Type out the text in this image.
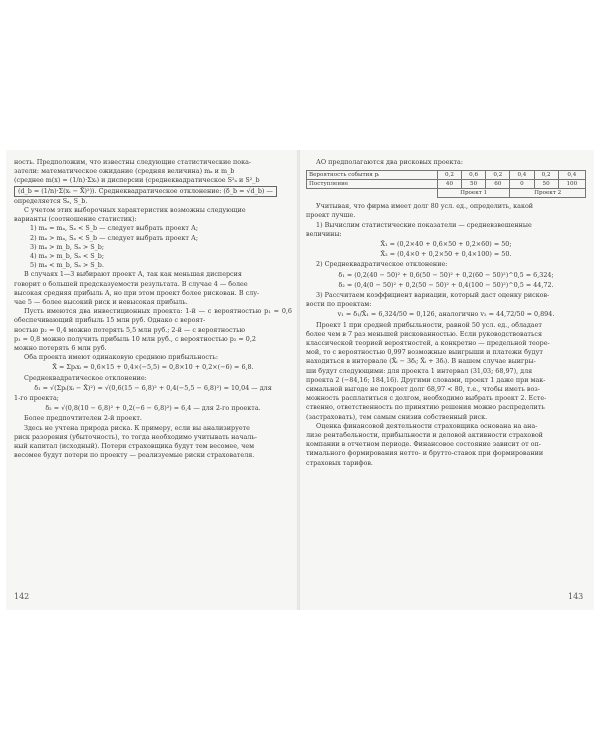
ность. Предположим, что известны следующие статистические пока-

затели: математическое ожидание (средняя величина) mₐ и m_b

(среднее m(x) = (1/n)·Σxᵢ) и дисперсии (среднеквадратическое S²ₐ и S²_b

(d_b = (1/n)·Σ(xᵢ − X̄)²)). Среднеквадратическое отклонение: (δ_b = √d_b) —

определяется Sₐ, S_b.

С учетом этих выборочных характеристик возможны следующие

варианты (соотношение статистик):

1) mₐ = mₐ, Sₐ < S_b — следует выбрать проект А;

2) mₐ > mₐ, Sₐ < S_b — следует выбрать проект А;

3) mₐ > m_b, Sₐ > S_b;

4) mₐ > m_b, Sₐ < S_b;

5) mₐ < m_b, Sₐ > S_b.

В случаях 1—3 выбирают проект А, так как меньшая дисперсия

говорит о большей предсказуемости результата. В случае 4 — более

высокая средняя прибыль А, но при этом проект более рискован. В слу-

чае 5 — более высокий риск и невысокая прибыль.

Пусть имеются два инвестиционных проекта: 1-й — с вероятностью p₁ = 0,6 обеспечивающий прибыль 15 млн руб. Однако с вероят-

ностью p₂ = 0,4 можно потерять 5,5 млн руб.; 2-й — с вероятностью

p₁ = 0,8 можно получить прибыль 10 млн руб., с вероятностью p₂ = 0,2

можно потерять 6 млн руб.

Оба проекта имеют одинаковую среднюю прибыльность:

X̄ = Σpᵢxᵢ = 0,6×15 + 0,4×(−5,5) = 0,8×10 + 0,2×(−6) = 6,8.

Среднеквадратическое отклонение:

δ₁ = √(Σpᵢ(xᵢ − X̄)²) = √(0,6(15 − 6,8)² + 0,4(−5,5 − 6,8)²) = 10,04 — для

1-го проекта;

δ₂ = √(0,8(10 − 6,8)² + 0,2(−6 − 6,8)²) = 6,4 — для 2-го проекта.

Более предпочтителен 2-й проект.

Здесь не учтена природа риска. К примеру, если вы анализируете

риск разорения (убыточность), то тогда необходимо учитывать началь-

ный капитал (исходный). Потери страховщика будут тем весомее, чем

весомее будут потери по проекту — реализуемые риски страхователя.

АО предполагаются два рисковых проекта:

Вероятность события pᵢ	0,2	0,6	0,2	0,4	0,2	0,4
Поступление	40	50	60	0	50	100
	Проект 1			Проект 2		

Учитывая, что фирма имеет долг 80 усл. ед., определить, какой

проект лучше.

1) Вычислим статистические показатели — средневзвешенные

величины:

X̄₁ = (0,2×40 + 0,6×50 + 0,2×60) = 50;

X̄₂ = (0,4×0 + 0,2×50 + 0,4×100) = 50.

2) Среднеквадратическое отклонение:

δ₁ = (0,2(40 − 50)² + 0,6(50 − 50)² + 0,2(60 − 50)²)^0,5 = 6,324;

δ₂ = (0,4(0 − 50)² + 0,2(50 − 50)² + 0,4(100 − 50)²)^0,5 = 44,72.

3) Рассчитаем коэффициент вариации, который даст оценку рисков-

вости по проектам:

v₁ = δ₁/X̄₁ = 6,324/50 = 0,126, аналогично v₂ = 44,72/50 = 0,894.

Проект 1 при средней прибыльности, равной 50 усл. ед., обладает

болеe чем в 7 раз меньшей рискованностью. Если руководствоваться

классической теорией вероятностей, а конкретно — предельной теоре-

мой, то с вероятностью 0,997 возможные выигрыши и платежи будут

находиться в интервале (X̄ᵢ − 3δᵢ; X̄ᵢ + 3δᵢ). В нашем случае выигры-

ши будут следующими: для проекта 1 интервал (31,03; 68,97), для

проекта 2 (−84,16; 184,16). Другими словами, проект 1 даже при мак-

симальной выгоде не покроет долг 68,97 < 80, т.е., чтобы иметь воз-

можность расплатиться с долгом, необходимо выбрать проект 2. Есте-

ственно, ответственность по принятию решения можно распределить

(застраховать), тем самым снизив собственный риск.

Оценка финансовой деятельности страховщика основана на ана-

лизе рентабельности, прибыльности и деловой активности страховой

компании в отчетном периоде. Финансовое состояние зависит от оп-

тимального формирования нетто- и брутто-ставок при формировании

страховых тарифов.

142	143
